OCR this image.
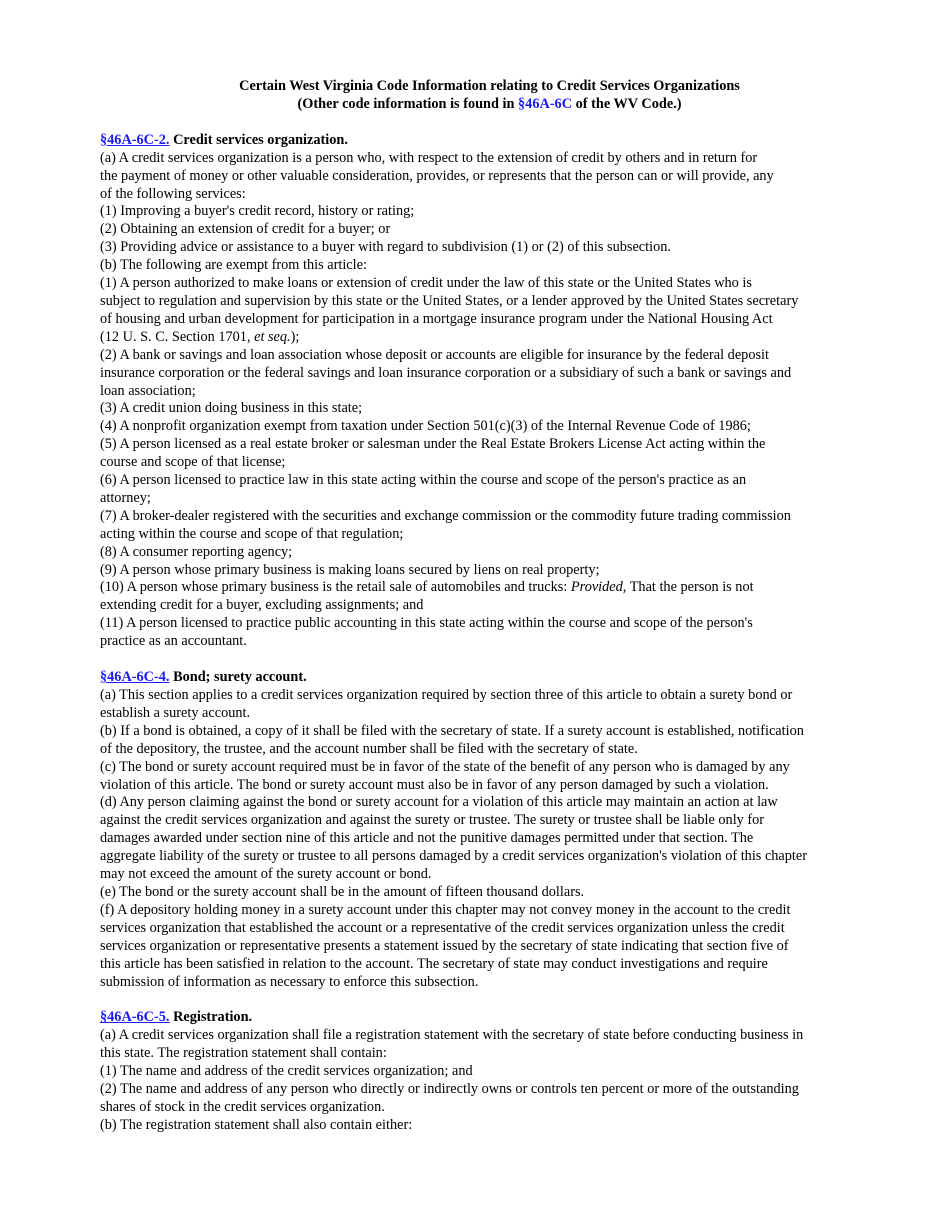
Certain West Virginia Code Information relating to Credit Services Organizations
(Other code information is found in §46A-6C of the WV Code.)
§46A-6C-2. Credit services organization.
(a) A credit services organization is a person who, with respect to the extension of credit by others and in return for
the payment of money or other valuable consideration, provides, or represents that the person can or will provide, any
of the following services:
(1) Improving a buyer's credit record, history or rating;
(2) Obtaining an extension of credit for a buyer; or
(3) Providing advice or assistance to a buyer with regard to subdivision (1) or (2) of this subsection.
(b) The following are exempt from this article:
(1) A person authorized to make loans or extension of credit under the law of this state or the United States who is
subject to regulation and supervision by this state or the United States, or a lender approved by the United States secretary
of housing and urban development for participation in a mortgage insurance program under the National Housing Act
(12 U. S. C. Section 1701, et seq.);
(2) A bank or savings and loan association whose deposit or accounts are eligible for insurance by the federal deposit
insurance corporation or the federal savings and loan insurance corporation or a subsidiary of such a bank or savings and
loan association;
(3) A credit union doing business in this state;
(4) A nonprofit organization exempt from taxation under Section 501(c)(3) of the Internal Revenue Code of 1986;
(5) A person licensed as a real estate broker or salesman under the Real Estate Brokers License Act acting within the
course and scope of that license;
(6) A person licensed to practice law in this state acting within the course and scope of the person's practice as an
attorney;
(7) A broker-dealer registered with the securities and exchange commission or the commodity future trading commission
acting within the course and scope of that regulation;
(8) A consumer reporting agency;
(9) A person whose primary business is making loans secured by liens on real property;
(10) A person whose primary business is the retail sale of automobiles and trucks: Provided, That the person is not
extending credit for a buyer, excluding assignments; and
(11) A person licensed to practice public accounting in this state acting within the course and scope of the person's
practice as an accountant.
§46A-6C-4. Bond; surety account.
(a) This section applies to a credit services organization required by section three of this article to obtain a surety bond or
establish a surety account.
(b) If a bond is obtained, a copy of it shall be filed with the secretary of state. If a surety account is established, notification
of the depository, the trustee, and the account number shall be filed with the secretary of state.
(c) The bond or surety account required must be in favor of the state of the benefit of any person who is damaged by any
violation of this article. The bond or surety account must also be in favor of any person damaged by such a violation.
(d) Any person claiming against the bond or surety account for a violation of this article may maintain an action at law
against the credit services organization and against the surety or trustee. The surety or trustee shall be liable only for
damages awarded under section nine of this article and not the punitive damages permitted under that section. The
aggregate liability of the surety or trustee to all persons damaged by a credit services organization's violation of this chapter
may not exceed the amount of the surety account or bond.
(e) The bond or the surety account shall be in the amount of fifteen thousand dollars.
(f) A depository holding money in a surety account under this chapter may not convey money in the account to the credit
services organization that established the account or a representative of the credit services organization unless the credit
services organization or representative presents a statement issued by the secretary of state indicating that section five of
this article has been satisfied in relation to the account. The secretary of state may conduct investigations and require
submission of information as necessary to enforce this subsection.
§46A-6C-5. Registration.
(a) A credit services organization shall file a registration statement with the secretary of state before conducting business in
this state. The registration statement shall contain:
(1) The name and address of the credit services organization; and
(2) The name and address of any person who directly or indirectly owns or controls ten percent or more of the outstanding
shares of stock in the credit services organization.
(b) The registration statement shall also contain either:
